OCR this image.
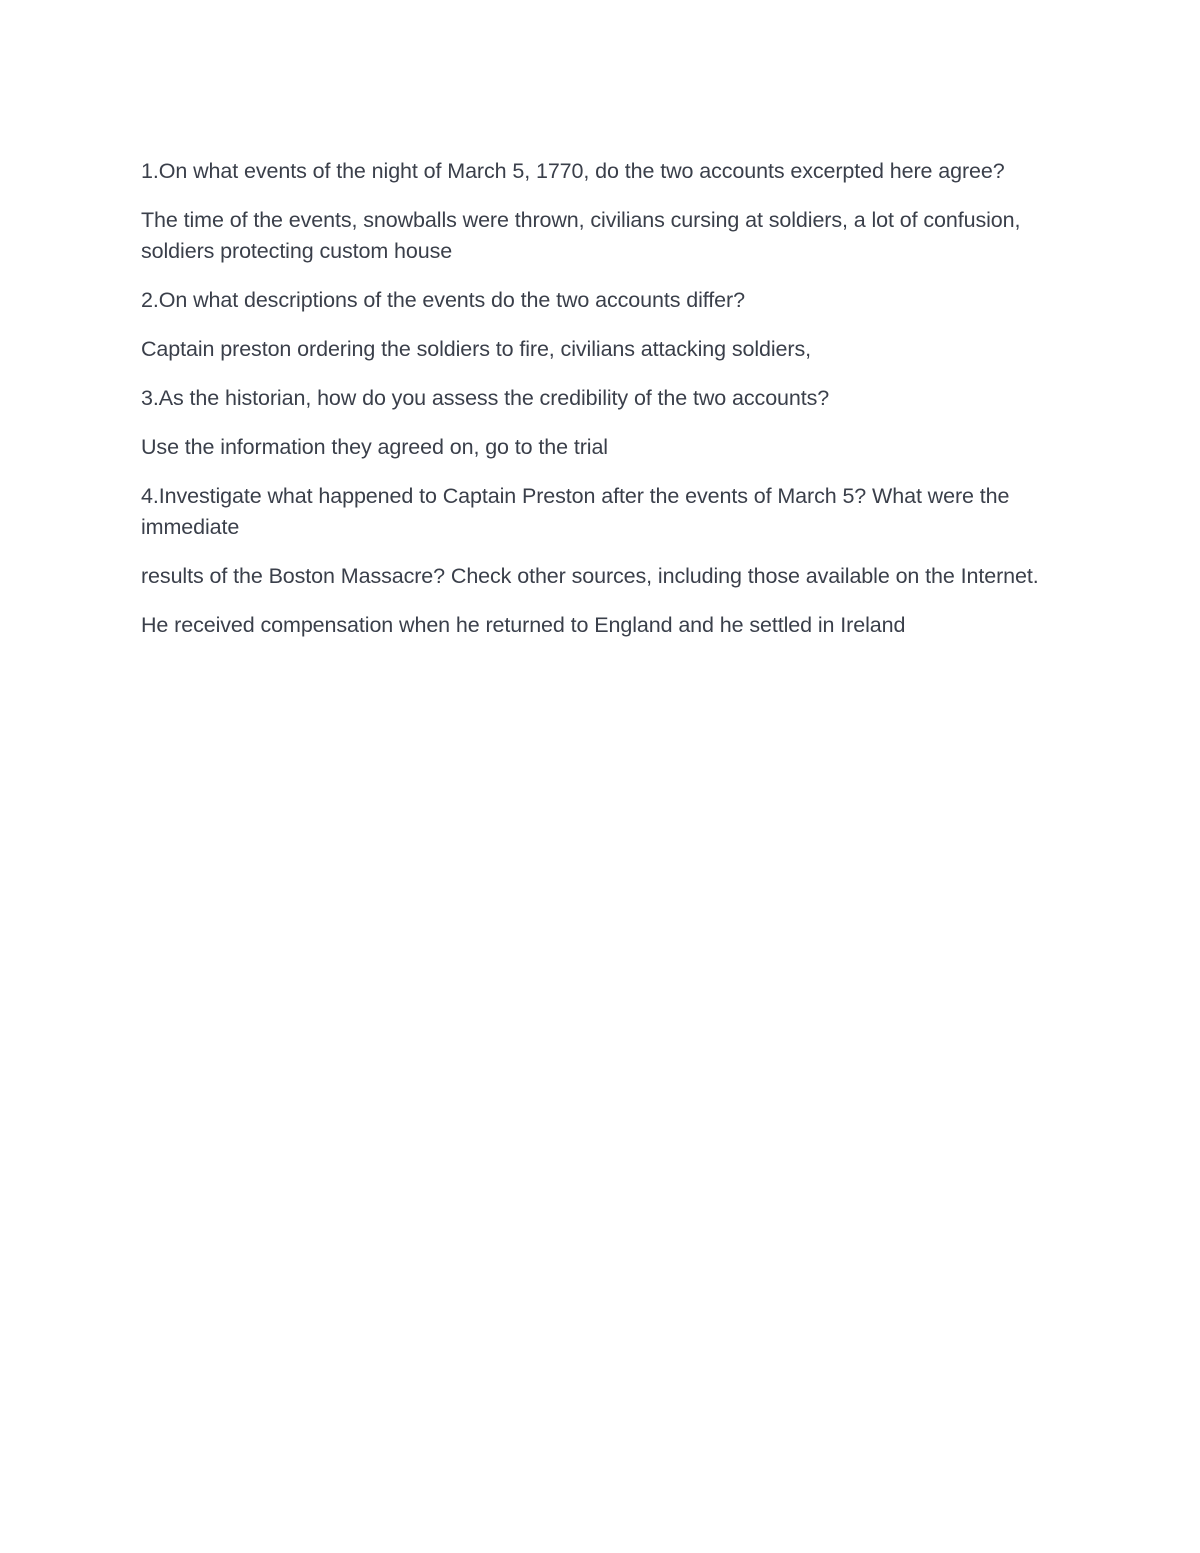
1.On what events of the night of March 5, 1770, do the two accounts excerpted here agree?

The time of the events, snowballs were thrown, civilians cursing at soldiers, a lot of confusion, soldiers protecting custom house

2.On what descriptions of the events do the two accounts differ?

Captain preston ordering the soldiers to fire, civilians attacking soldiers,

3.As the historian, how do you assess the credibility of the two accounts?

Use the information they agreed on, go to the trial

4.Investigate what happened to Captain Preston after the events of March 5? What were the immediate

results of the Boston Massacre? Check other sources, including those available on the Internet.

He received compensation when he returned to England and he settled in Ireland
